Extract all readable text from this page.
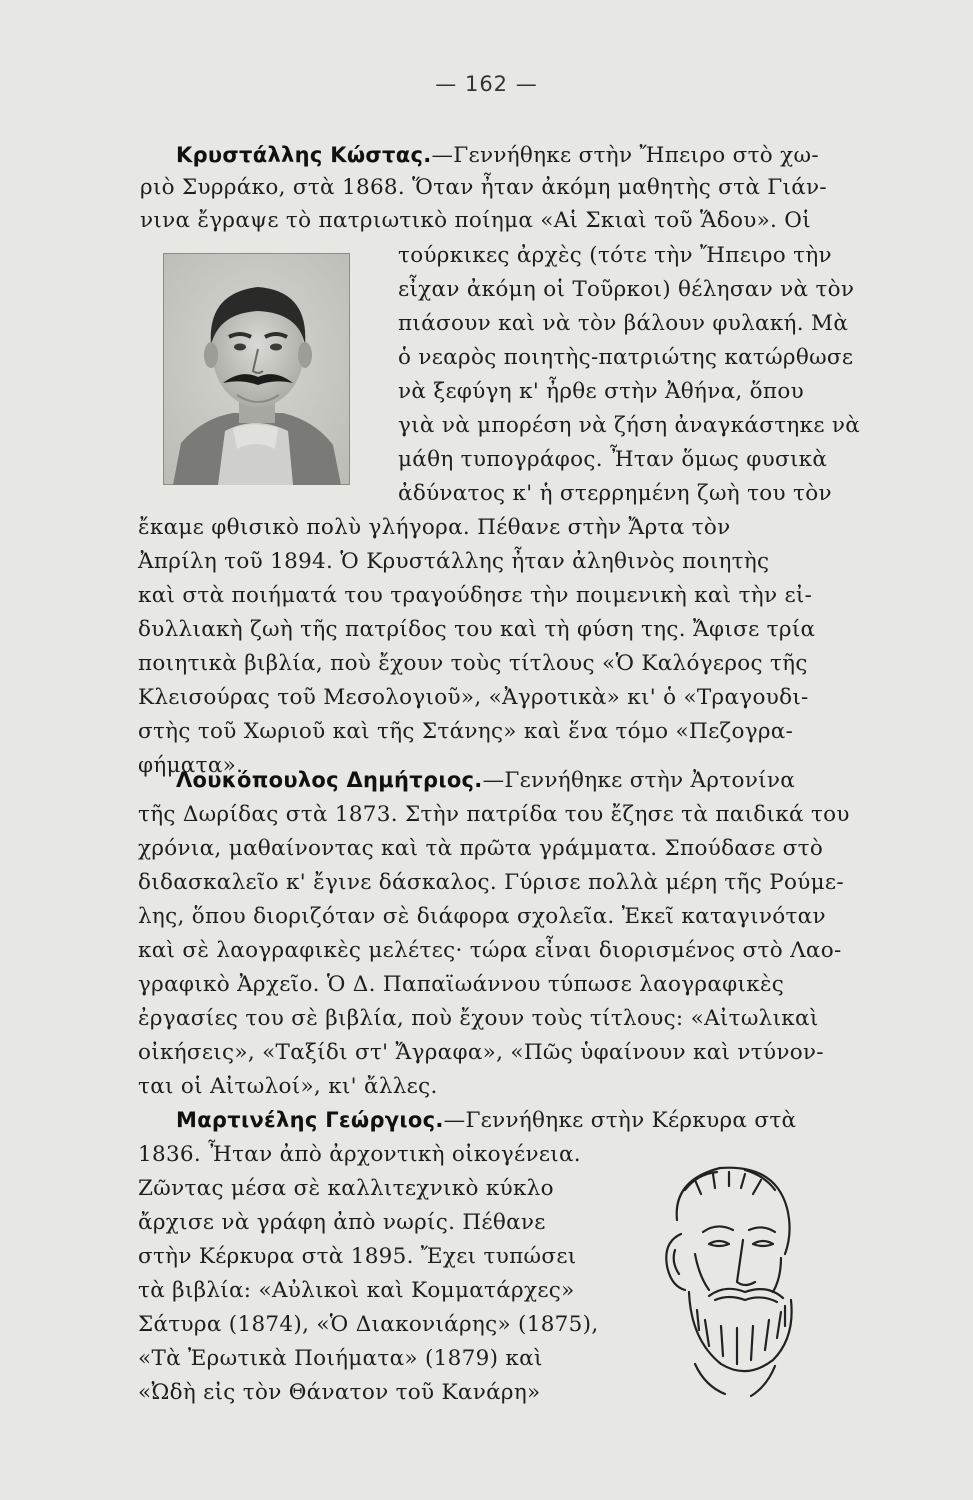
— 162 —
Κρυστάλλης Κώστας.—Γεννήθηκε στὴν Ἤπειρο στὸ χω-
ριὸ Συρράκο, στὰ 1868. Ὅταν ἦταν ἀκόμη μαθητὴς στὰ Γιάν-
νινα ἔγραψε τὸ πατριωτικὸ ποίημα «Αἱ Σκιαὶ τοῦ Ἅδου». Οἱ
τούρκικες ἀρχὲς (τότε τὴν Ἤπειρο τὴν
εἶχαν ἀκόμη οἱ Τοῦρκοι) θέλησαν νὰ τὸν
πιάσουν καὶ νὰ τὸν βάλουν φυλακή. Μὰ
ὁ νεαρὸς ποιητὴς-πατριώτης κατώρθωσε
νὰ ξεφύγη κ' ἦρθε στὴν Ἀθήνα, ὅπου
γιὰ νὰ μπορέση νὰ ζήση ἀναγκάστηκε νὰ
μάθη τυπογράφος. Ἦταν ὅμως φυσικὰ
ἀδύνατος κ' ἡ στερρημένη ζωὴ του τὸν
ἔκαμε φθισικὸ πολὺ γλήγορα. Πέθανε στὴν Ἄρτα τὸν
Ἀπρίλη τοῦ 1894. Ὁ Κρυστάλλης ἦταν ἀληθινὸς ποιητὴς
καὶ στὰ ποιήματά του τραγούδησε τὴν ποιμενικὴ καὶ τὴν εἰ-
δυλλιακὴ ζωὴ τῆς πατρίδος του καὶ τὴ φύση της. Ἄφισε τρία
ποιητικὰ βιβλία, ποὺ ἔχουν τοὺς τίτλους «Ὁ Καλόγερος τῆς
Κλεισούρας τοῦ Μεσολογιοῦ», «Ἀγροτικὰ» κι' ὁ «Τραγουδι-
στὴς τοῦ Χωριοῦ καὶ τῆς Στάνης» καὶ ἕνα τόμο «Πεζογρα-
φήματα».
Λουκόπουλος Δημήτριος.—Γεννήθηκε στὴν Ἀρτονίνα
τῆς Δωρίδας στὰ 1873. Στὴν πατρίδα του ἔζησε τὰ παιδικά του
χρόνια, μαθαίνοντας καὶ τὰ πρῶτα γράμματα. Σπούδασε στὸ
διδασκαλεῖο κ' ἔγινε δάσκαλος. Γύρισε πολλὰ μέρη τῆς Ρούμε-
λης, ὅπου διοριζόταν σὲ διάφορα σχολεῖα. Ἐκεῖ καταγινόταν
καὶ σὲ λαογραφικὲς μελέτες· τώρα εἶναι διορισμένος στὸ Λαο-
γραφικὸ Ἀρχεῖο. Ὁ Δ. Παπαϊωάννου τύπωσε λαογραφικὲς
ἐργασίες του σὲ βιβλία, ποὺ ἔχουν τοὺς τίτλους: «Αἰτωλικαὶ
οἰκήσεις», «Ταξίδι στ' Ἄγραφα», «Πῶς ὑφαίνουν καὶ ντύνον-
ται οἱ Αἰτωλοί», κι' ἄλλες.
Μαρτινέλης Γεώργιος.—Γεννήθηκε στὴν Κέρκυρα στὰ
1836. Ἦταν ἀπὸ ἀρχοντικὴ οἰκογένεια.
Ζῶντας μέσα σὲ καλλιτεχνικὸ κύκλο
ἄρχισε νὰ γράφη ἀπὸ νωρίς. Πέθανε
στὴν Κέρκυρα στὰ 1895. Ἔχει τυπώσει
τὰ βιβλία: «Αὐλικοὶ καὶ Κομματάρχες»
Σάτυρα (1874), «Ὁ Διακονιάρης» (1875),
«Τὰ Ἐρωτικὰ Ποιήματα» (1879) καὶ
«Ὠδὴ εἰς τὸν Θάνατον τοῦ Κανάρη»
